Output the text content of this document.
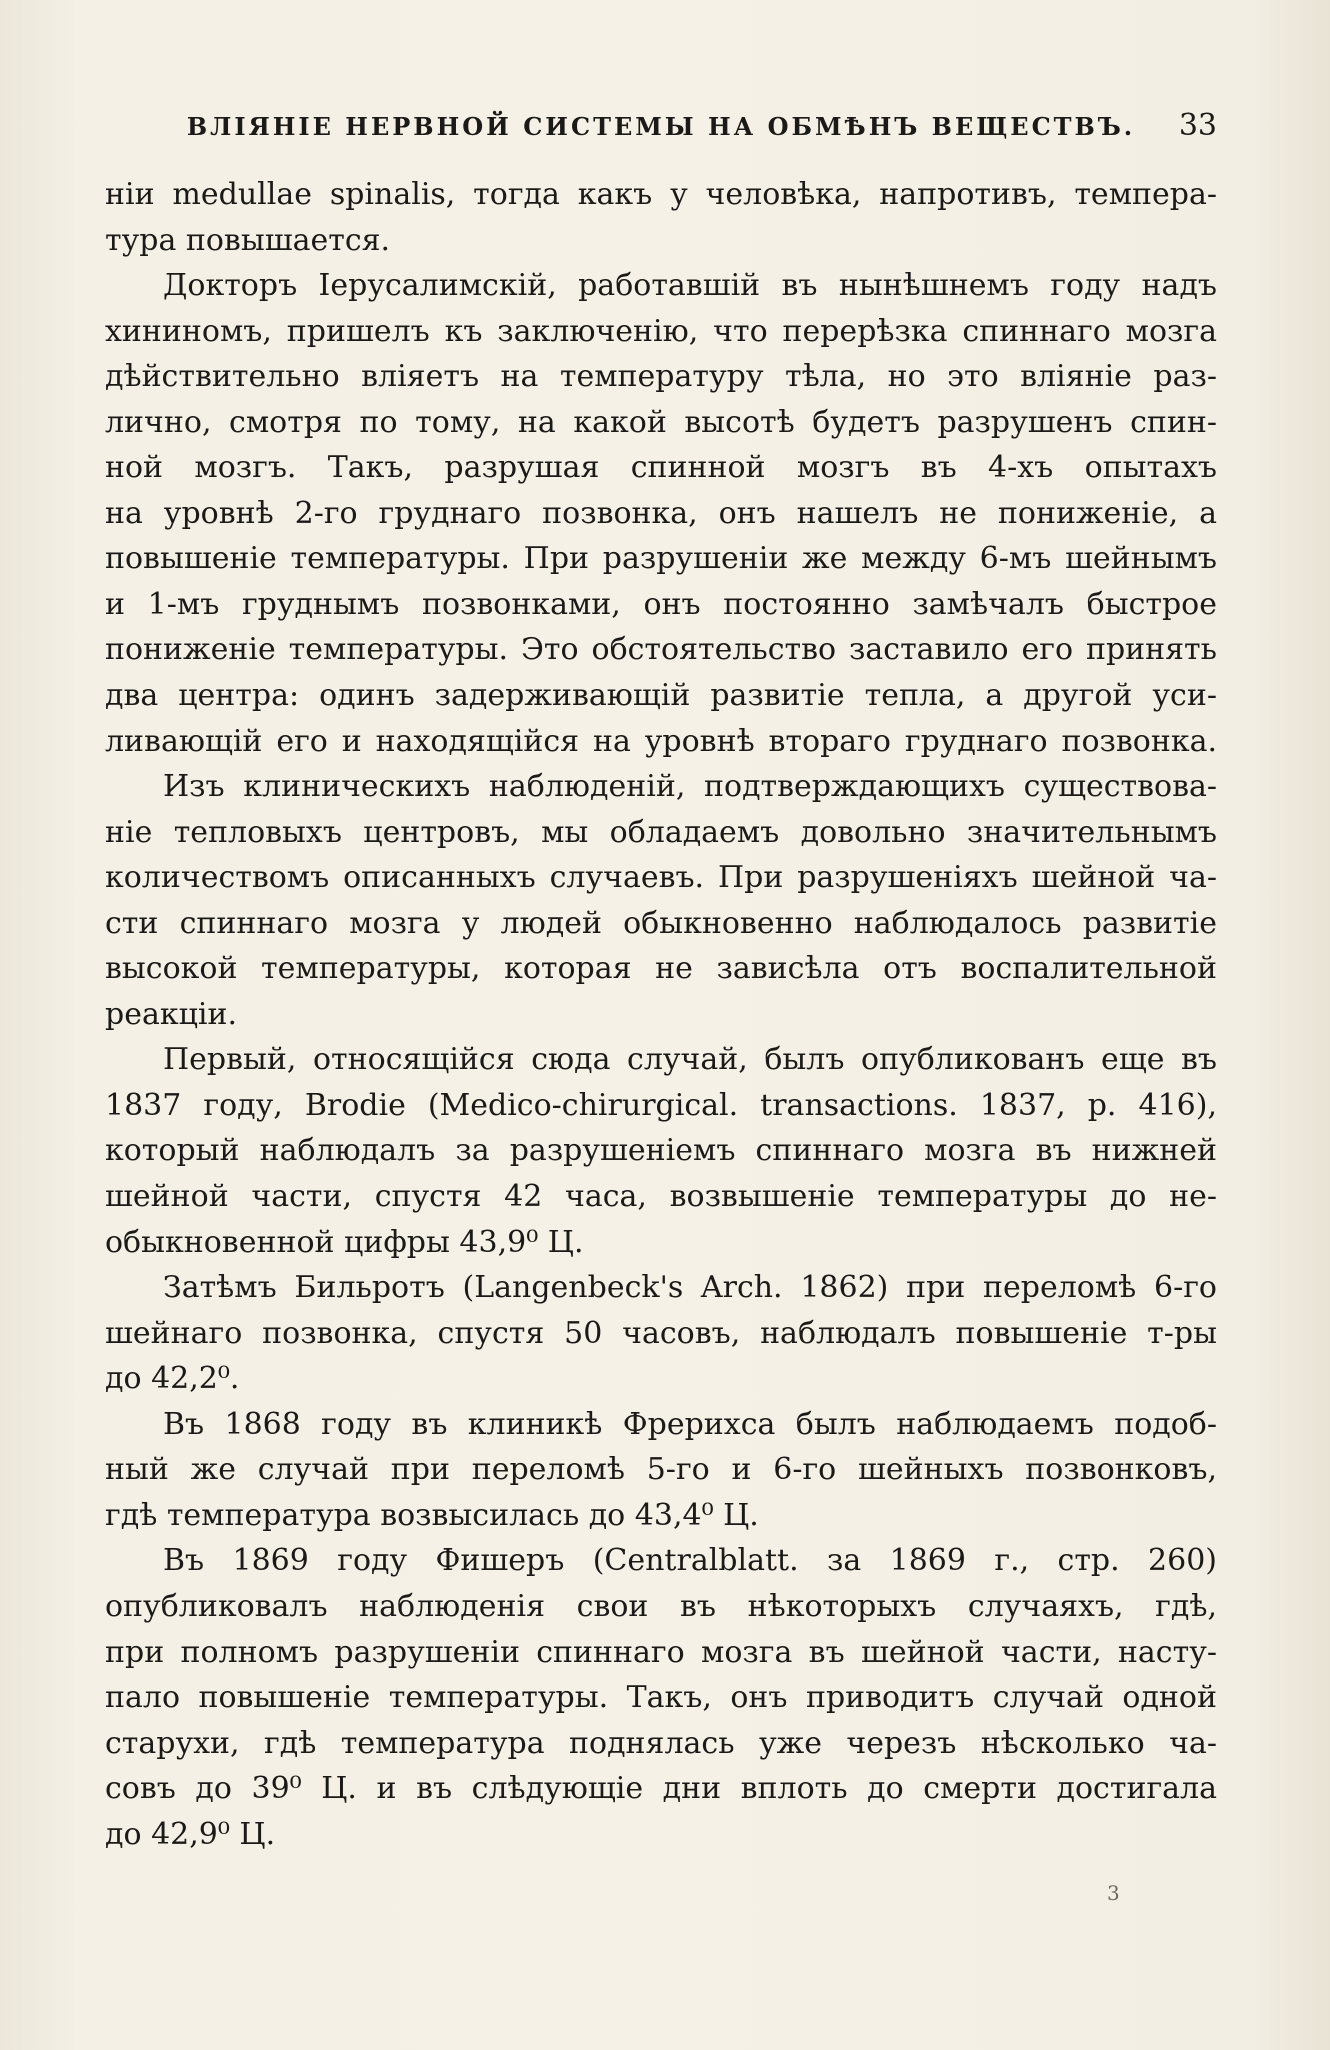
ВЛІЯНІЕ НЕРВНОЙ СИСТЕМЫ НА ОБМѢНЪ ВЕЩЕСТВЪ.	33
ніи medullae spinalis, тогда какъ у человѣка, напротивъ, темпера-
тура повышается.
Докторъ Іерусалимскій, работавшій въ нынѣшнемъ году надъ
хининомъ, пришелъ къ заключенію, что перерѣзка спиннаго мозга
дѣйствительно вліяетъ на температуру тѣла, но это вліяніе раз-
лично, смотря по тому, на какой высотѣ будетъ разрушенъ спин-
ной мозгъ. Такъ, разрушая спинной мозгъ въ 4-хъ опытахъ
на уровнѣ 2-го груднаго позвонка, онъ нашелъ не пониженіе, а
повышеніе температуры. При разрушеніи же между 6-мъ шейнымъ
и 1-мъ груднымъ позвонками, онъ постоянно замѣчалъ быстрое
пониженіе температуры. Это обстоятельство заставило его принять
два центра: одинъ задерживающій развитіе тепла, а другой уси-
ливающій его и находящійся на уровнѣ втораго груднаго позвонка.
Изъ клиническихъ наблюденій, подтверждающихъ существова-
ніе тепловыхъ центровъ, мы обладаемъ довольно значительнымъ
количествомъ описанныхъ случаевъ. При разрушеніяхъ шейной ча-
сти спиннаго мозга у людей обыкновенно наблюдалось развитіе
высокой температуры, которая не зависѣла отъ воспалительной
реакціи.
Первый, относящійся сюда случай, былъ опубликованъ еще въ
1837 году, Brodie (Medico-chirurgical. transactions. 1837, p. 416),
который наблюдалъ за разрушеніемъ спиннаго мозга въ нижней
шейной части, спустя 42 часа, возвышеніе температуры до не-
обыкновенной цифры 43,9⁰ Ц.
Затѣмъ Бильротъ (Langenbeck's Arch. 1862) при переломѣ 6-го
шейнаго позвонка, спустя 50 часовъ, наблюдалъ повышеніе т-ры
до 42,2⁰.
Въ 1868 году въ клиникѣ Фрерихса былъ наблюдаемъ подоб-
ный же случай при переломѣ 5-го и 6-го шейныхъ позвонковъ,
гдѣ температура возвысилась до 43,4⁰ Ц.
Въ 1869 году Фишеръ (Centralblatt. за 1869 г., стр. 260)
опубликовалъ наблюденія свои въ нѣкоторыхъ случаяхъ, гдѣ,
при полномъ разрушеніи спиннаго мозга въ шейной части, насту-
пало повышеніе температуры. Такъ, онъ приводитъ случай одной
старухи, гдѣ температура поднялась уже черезъ нѣсколько ча-
совъ до 39⁰ Ц. и въ слѣдующіе дни вплоть до смерти достигала
до 42,9⁰ Ц.
3
